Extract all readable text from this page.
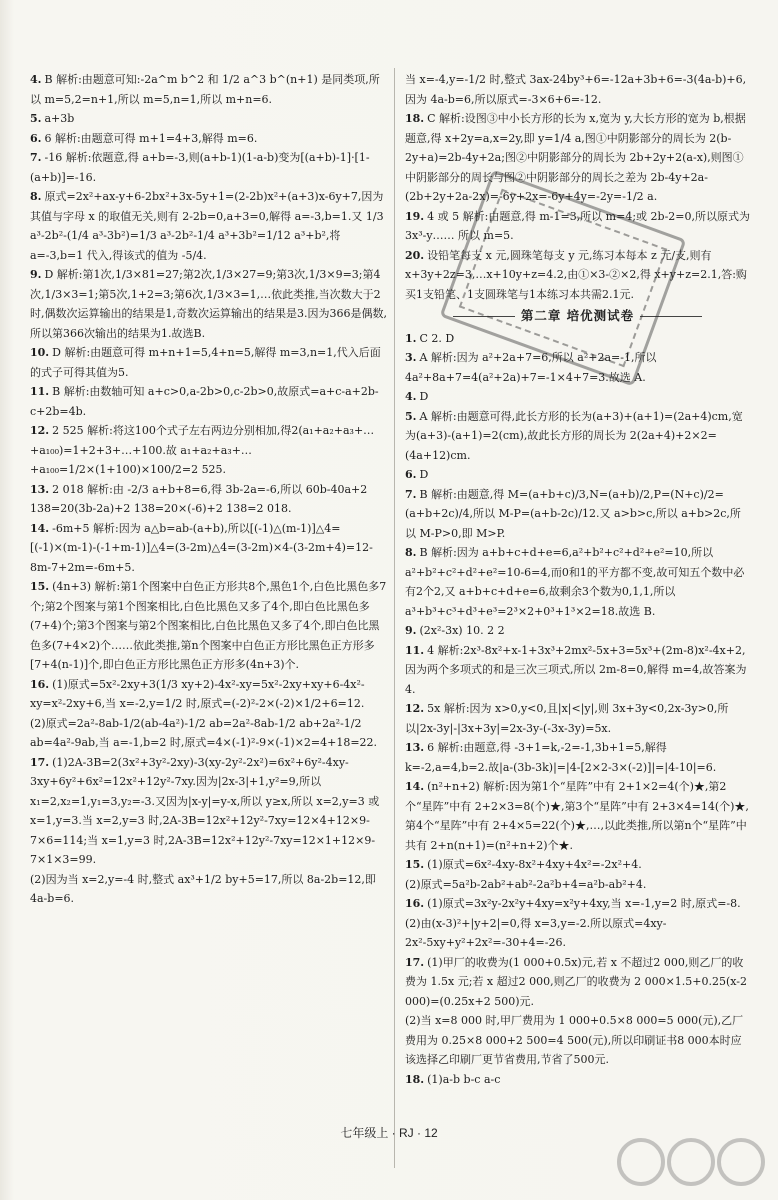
4. B 解析:由题意可知:-2a^m b^2 和 1/2 a^3 b^(n+1) 是同类项,所以 m=5,2=n+1,所以 m=5,n=1,所以 m+n=6.
5. a+3b
6. 6 解析:由题意可得 m+1=4+3,解得 m=6.
7. -16 解析:依题意,得 a+b=-3,则(a+b-1)(1-a-b)变为[(a+b)-1]·[1-(a+b)]=-16.
8. 原式=2x²+ax-y+6-2bx²+3x-5y+1=(2-2b)x²+(a+3)x-6y+7,因为其值与字母 x 的取值无关,则有 2-2b=0,a+3=0,解得 a=-3,b=1.又 1/3 a³-2b²-(1/4 a³-3b²)=1/3 a³-2b²-1/4 a³+3b²=1/12 a³+b²,将 a=-3,b=1 代入,得该式的值为 -5/4.
9. D 解析:第1次,1/3×81=27;第2次,1/3×27=9;第3次,1/3×9=3;第4次,1/3×3=1;第5次,1+2=3;第6次,1/3×3=1,…依此类推,当次数大于2时,偶数次运算输出的结果是1,奇数次运算输出的结果是3.因为366是偶数,所以第366次输出的结果为1.故选B.
10. D 解析:由题意可得 m+n+1=5,4+n=5,解得 m=3,n=1,代入后面的式子可得其值为5.
11. B 解析:由数轴可知 a+c>0,a-2b>0,c-2b>0,故原式=a+c-a+2b-c+2b=4b.
12. 2 525 解析:将这100个式子左右两边分别相加,得2(a₁+a₂+a₃+…+a₁₀₀)=1+2+3+…+100.故 a₁+a₂+a₃+…+a₁₀₀=1/2×(1+100)×100/2=2 525.
13. 2 018 解析:由 -2/3 a+b+8=6,得 3b-2a=-6,所以 60b-40a+2 138=20(3b-2a)+2 138=20×(-6)+2 138=2 018.
14. -6m+5 解析:因为 a△b=ab-(a+b),所以[(-1)△(m-1)]△4=[(-1)×(m-1)-(-1+m-1)]△4=(3-2m)△4=(3-2m)×4-(3-2m+4)=12-8m-7+2m=-6m+5.
15. (4n+3) 解析:第1个图案中白色正方形共8个,黑色1个,白色比黑色多7个;第2个图案与第1个图案相比,白色比黑色又多了4个,即白色比黑色多(7+4)个;第3个图案与第2个图案相比,白色比黑色又多了4个,即白色比黑色多(7+4×2)个……依此类推,第n个图案中白色正方形比黑色正方形多[7+4(n-1)]个,即白色正方形比黑色正方形多(4n+3)个.
16. (1)原式=5x²-2xy+3(1/3 xy+2)-4x²-xy=5x²-2xy+xy+6-4x²-xy=x²-2xy+6,当 x=-2,y=1/2 时,原式=(-2)²-2×(-2)×1/2+6=12.
(2)原式=2a²-8ab-1/2(ab-4a²)-1/2 ab=2a²-8ab-1/2 ab+2a²-1/2 ab=4a²-9ab,当 a=-1,b=2 时,原式=4×(-1)²-9×(-1)×2=4+18=22.
17. (1)2A-3B=2(3x²+3y²-2xy)-3(xy-2y²-2x²)=6x²+6y²-4xy-3xy+6y²+6x²=12x²+12y²-7xy.因为|2x-3|+1,y²=9,所以 x₁=2,x₂=1,y₁=3,y₂=-3.又因为|x-y|=y-x,所以 y≥x,所以 x=2,y=3 或 x=1,y=3.当 x=2,y=3 时,2A-3B=12x²+12y²-7xy=12×4+12×9-7×6=114;当 x=1,y=3 时,2A-3B=12x²+12y²-7xy=12×1+12×9-7×1×3=99.
(2)因为当 x=2,y=-4 时,整式 ax³+1/2 by+5=17,所以 8a-2b=12,即 4a-b=6.
当 x=-4,y=-1/2 时,整式 3ax-24by³+6=-12a+3b+6=-3(4a-b)+6,因为 4a-b=6,所以原式=-3×6+6=-12.
18. C 解析:设图③中小长方形的长为 x,宽为 y,大长方形的宽为 b,根据题意,得 x+2y=a,x=2y,即 y=1/4 a,图①中阴影部分的周长为 2(b-2y+a)=2b-4y+2a;图②中阴影部分的周长为 2b+2y+2(a-x),则图①中阴影部分的周长与图②中阴影部分的周长之差为 2b-4y+2a-(2b+2y+2a-2x)=-6y+2x=-6y+4y=-2y=-1/2 a.
19. 4 或 5 解析:由题意,得 m-1=3,所以 m=4;或 2b-2=0,所以原式为 3x³-y…… 所以 m=5.
20. 设铅笔每支 x 元,圆珠笔每支 y 元,练习本每本 z 元/支,则有 x+3y+2z=3,…x+10y+z=4.2,由①×3-②×2,得 x+y+z=2.1,答:购买1支铅笔、1支圆珠笔与1本练习本共需2.1元.
第二章 培优测试卷
1. C 2. D
3. A 解析:因为 a²+2a+7=6,所以 a²+2a=-1,所以 4a²+8a+7=4(a²+2a)+7=-1×4+7=3.故选 A.
4. D
5. A 解析:由题意可得,此长方形的长为(a+3)+(a+1)=(2a+4)cm,宽为(a+3)-(a+1)=2(cm),故此长方形的周长为 2(2a+4)+2×2=(4a+12)cm.
6. D
7. B 解析:由题意,得 M=(a+b+c)/3,N=(a+b)/2,P=(N+c)/2=(a+b+2c)/4,所以 M-P=(a+b-2c)/12.又 a>b>c,所以 a+b>2c,所以 M-P>0,即 M>P.
8. B 解析:因为 a+b+c+d+e=6,a²+b²+c²+d²+e²=10,所以 a²+b²+c²+d²+e²=10-6=4,而0和1的平方都不变,故可知五个数中必有2个2,又 a+b+c+d+e=6,故剩余3个数为0,1,1,所以 a³+b³+c³+d³+e³=2³×2+0³+1³×2=18.故选 B.
9. (2x²-3x) 10. 2 2
11. 4 解析:2x³-8x²+x-1+3x³+2mx²-5x+3=5x³+(2m-8)x²-4x+2,因为两个多项式的和是三次三项式,所以 2m-8=0,解得 m=4,故答案为4.
12. 5x 解析:因为 x>0,y<0,且|x|<|y|,则 3x+3y<0,2x-3y>0,所以|2x-3y|-|3x+3y|=2x-3y-(-3x-3y)=5x.
13. 6 解析:由题意,得 -3+1=k,-2=-1,3b+1=5,解得 k=-2,a=4,b=2.故|a-(3b-3k)|=|4-[2×2-3×(-2)]|=|4-10|=6.
14. (n²+n+2) 解析:因为第1个“星阵”中有 2+1×2=4(个)★,第2个“星阵”中有 2+2×3=8(个)★,第3个“星阵”中有 2+3×4=14(个)★,第4个“星阵”中有 2+4×5=22(个)★,…,以此类推,所以第n个“星阵”中共有 2+n(n+1)=(n²+n+2)个★.
15. (1)原式=6x²-4xy-8x²+4xy+4x²=-2x²+4.
(2)原式=5a²b-2ab²+ab²-2a²b+4=a²b-ab²+4.
16. (1)原式=3x²y-2x²y+4xy=x²y+4xy,当 x=-1,y=2 时,原式=-8.
(2)由(x-3)²+|y+2|=0,得 x=3,y=-2.所以原式=4xy-2x²-5xy+y²+2x²=-30+4=-26.
17. (1)甲厂的收费为(1 000+0.5x)元,若 x 不超过2 000,则乙厂的收费为 1.5x 元;若 x 超过2 000,则乙厂的收费为 2 000×1.5+0.25(x-2 000)=(0.25x+2 500)元.
(2)当 x=8 000 时,甲厂费用为 1 000+0.5×8 000=5 000(元),乙厂费用为 0.25×8 000+2 500=4 500(元),所以印刷证书8 000本时应该选择乙印刷厂更节省费用,节省了500元.
18. (1)a-b b-c a-c
七年级上 · RJ · 12
